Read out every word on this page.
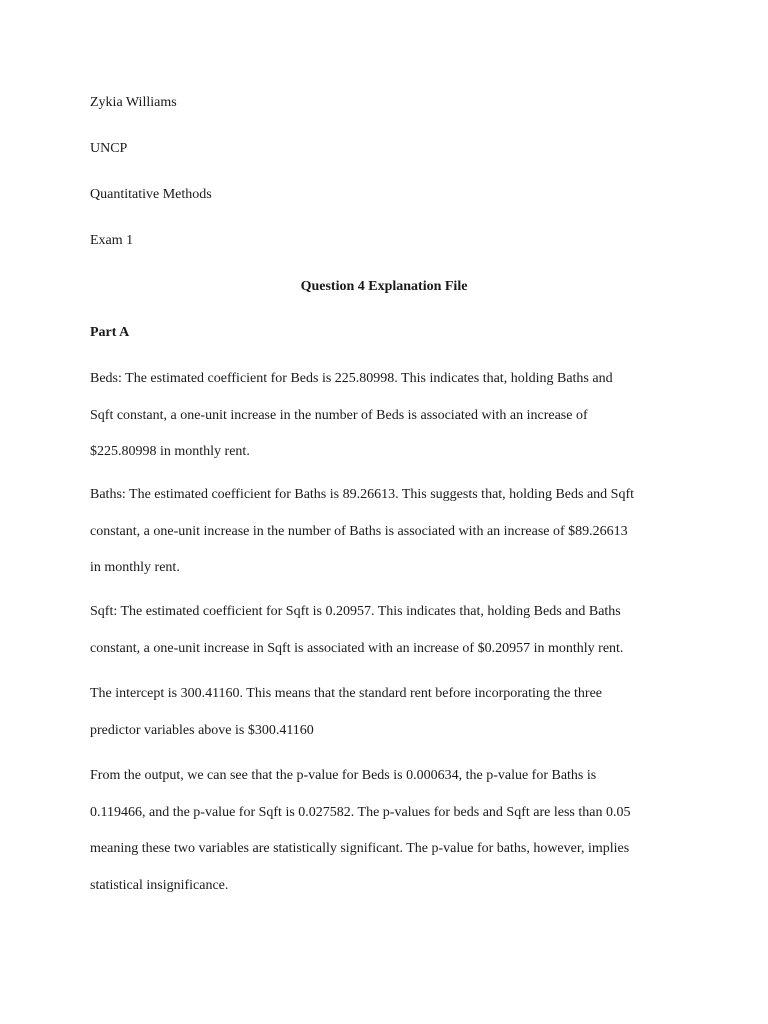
Zykia Williams

UNCP

Quantitative Methods

Exam 1

Question 4 Explanation File

Part A

Beds: The estimated coefficient for Beds is 225.80998. This indicates that, holding Baths and
Sqft constant, a one-unit increase in the number of Beds is associated with an increase of
$225.80998 in monthly rent.
Baths: The estimated coefficient for Baths is 89.26613. This suggests that, holding Beds and Sqft
constant, a one-unit increase in the number of Baths is associated with an increase of $89.26613
in monthly rent.
Sqft: The estimated coefficient for Sqft is 0.20957. This indicates that, holding Beds and Baths
constant, a one-unit increase in Sqft is associated with an increase of $0.20957 in monthly rent.
The intercept is 300.41160. This means that the standard rent before incorporating the three
predictor variables above is $300.41160
From the output, we can see that the p-value for Beds is 0.000634, the p-value for Baths is
0.119466, and the p-value for Sqft is 0.027582. The p-values for beds and Sqft are less than 0.05
meaning these two variables are statistically significant. The p-value for baths, however, implies
statistical insignificance.
